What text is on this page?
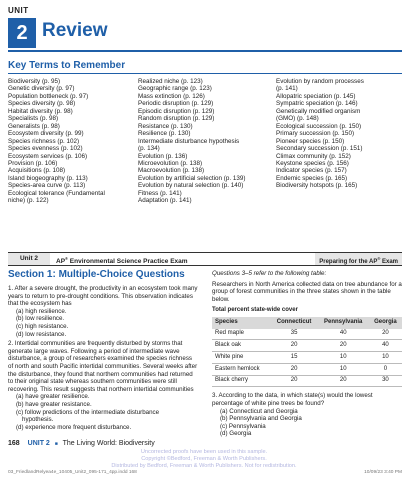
UNIT
2 Review
Key Terms to Remember
Biodiversity (p. 95)
Genetic diversity (p. 97)
Population bottleneck (p. 97)
Species diversity (p. 98)
Habitat diversity (p. 98)
Specialists (p. 98)
Generalists (p. 98)
Ecosystem diversity (p. 99)
Species richness (p. 102)
Species evenness (p. 102)
Ecosystem services (p. 106)
Provision (p. 106)
Acquisitions (p. 108)
Island biogeography (p. 113)
Species-area curve (p. 113)
Ecological tolerance (Fundamental
niche) (p. 122)
Realized niche (p. 123)
Geographic range (p. 123)
Mass extinction (p. 126)
Periodic disruption (p. 129)
Episodic disruption (p. 129)
Random disruption (p. 129)
Resistance (p. 130)
Resilience (p. 130)
Intermediate disturbance hypothesis
(p. 134)
Evolution (p. 136)
Microevolution (p. 138)
Macroevolution (p. 138)
Evolution by artificial selection (p. 139)
Evolution by natural selection (p. 140)
Fitness (p. 141)
Adaptation (p. 141)
Evolution by random processes
(p. 141)
Allopatric speciation (p. 145)
Sympatric speciation (p. 146)
Genetically modified organism
(GMO) (p. 148)
Ecological succession (p. 150)
Primary succession (p. 150)
Pioneer species (p. 150)
Secondary succession (p. 151)
Climax community (p. 152)
Keystone species (p. 156)
Indicator species (p. 157)
Endemic species (p. 165)
Biodiversity hotspots (p. 165)
Unit 2	AP® Environmental Science Practice Exam	Preparing for the AP® Exam
Section 1: Multiple-Choice Questions
1. After a severe drought, the productivity in an ecosystem took many years to return to pre-drought conditions. This observation indicates that the ecosystem has
(a) high resilience.
(b) low resilience.
(c) high resistance.
(d) low resistance.
2. Intertidal communities are frequently disturbed by storms that generate large waves. Following a period of intermediate wave disturbance, a group of researchers examined the species richness of north and south Pacific intertidal communities. Several weeks after the disturbance, they found that northern communities had returned to their original state whereas southern communities were still recovering. This result suggests that northern intertidal communities
(a) have greater resilience.
(b) have greater resistance.
(c) follow predictions of the intermediate disturbance
hypothesis.
(d) experience more frequent disturbance.
Questions 3–5 refer to the following table:
Researchers in North America collected data on tree abundance for a group of forest communities in the three states shown in the table below.
Total percent state-wide cover
Species	Connecticut	Pennsylvania	Georgia
Red maple	35	40	20
Black oak	20	20	40
White pine	15	10	10
Eastern hemlock	20	10	0
Black cherry	20	20	30
3. According to the data, in which state(s) would the lowest percentage of white pine trees be found?
(a) Connecticut and Georgia
(b) Pennsylvania and Georgia
(c) Pennsylvania
(d) Georgia
168 UNIT 2 ■ The Living World: Biodiversity
Uncorrected proofs have been used in this sample.
Copyright ©Bedford, Freeman & Worth Publishers.
Distributed by Bedford, Freeman & Worth Publishers. Not for redistribution.
03_FriedlandRelyea4e_10405_Unit2_095-171_4pp.indd 168	10/09/23 3:40 PM
